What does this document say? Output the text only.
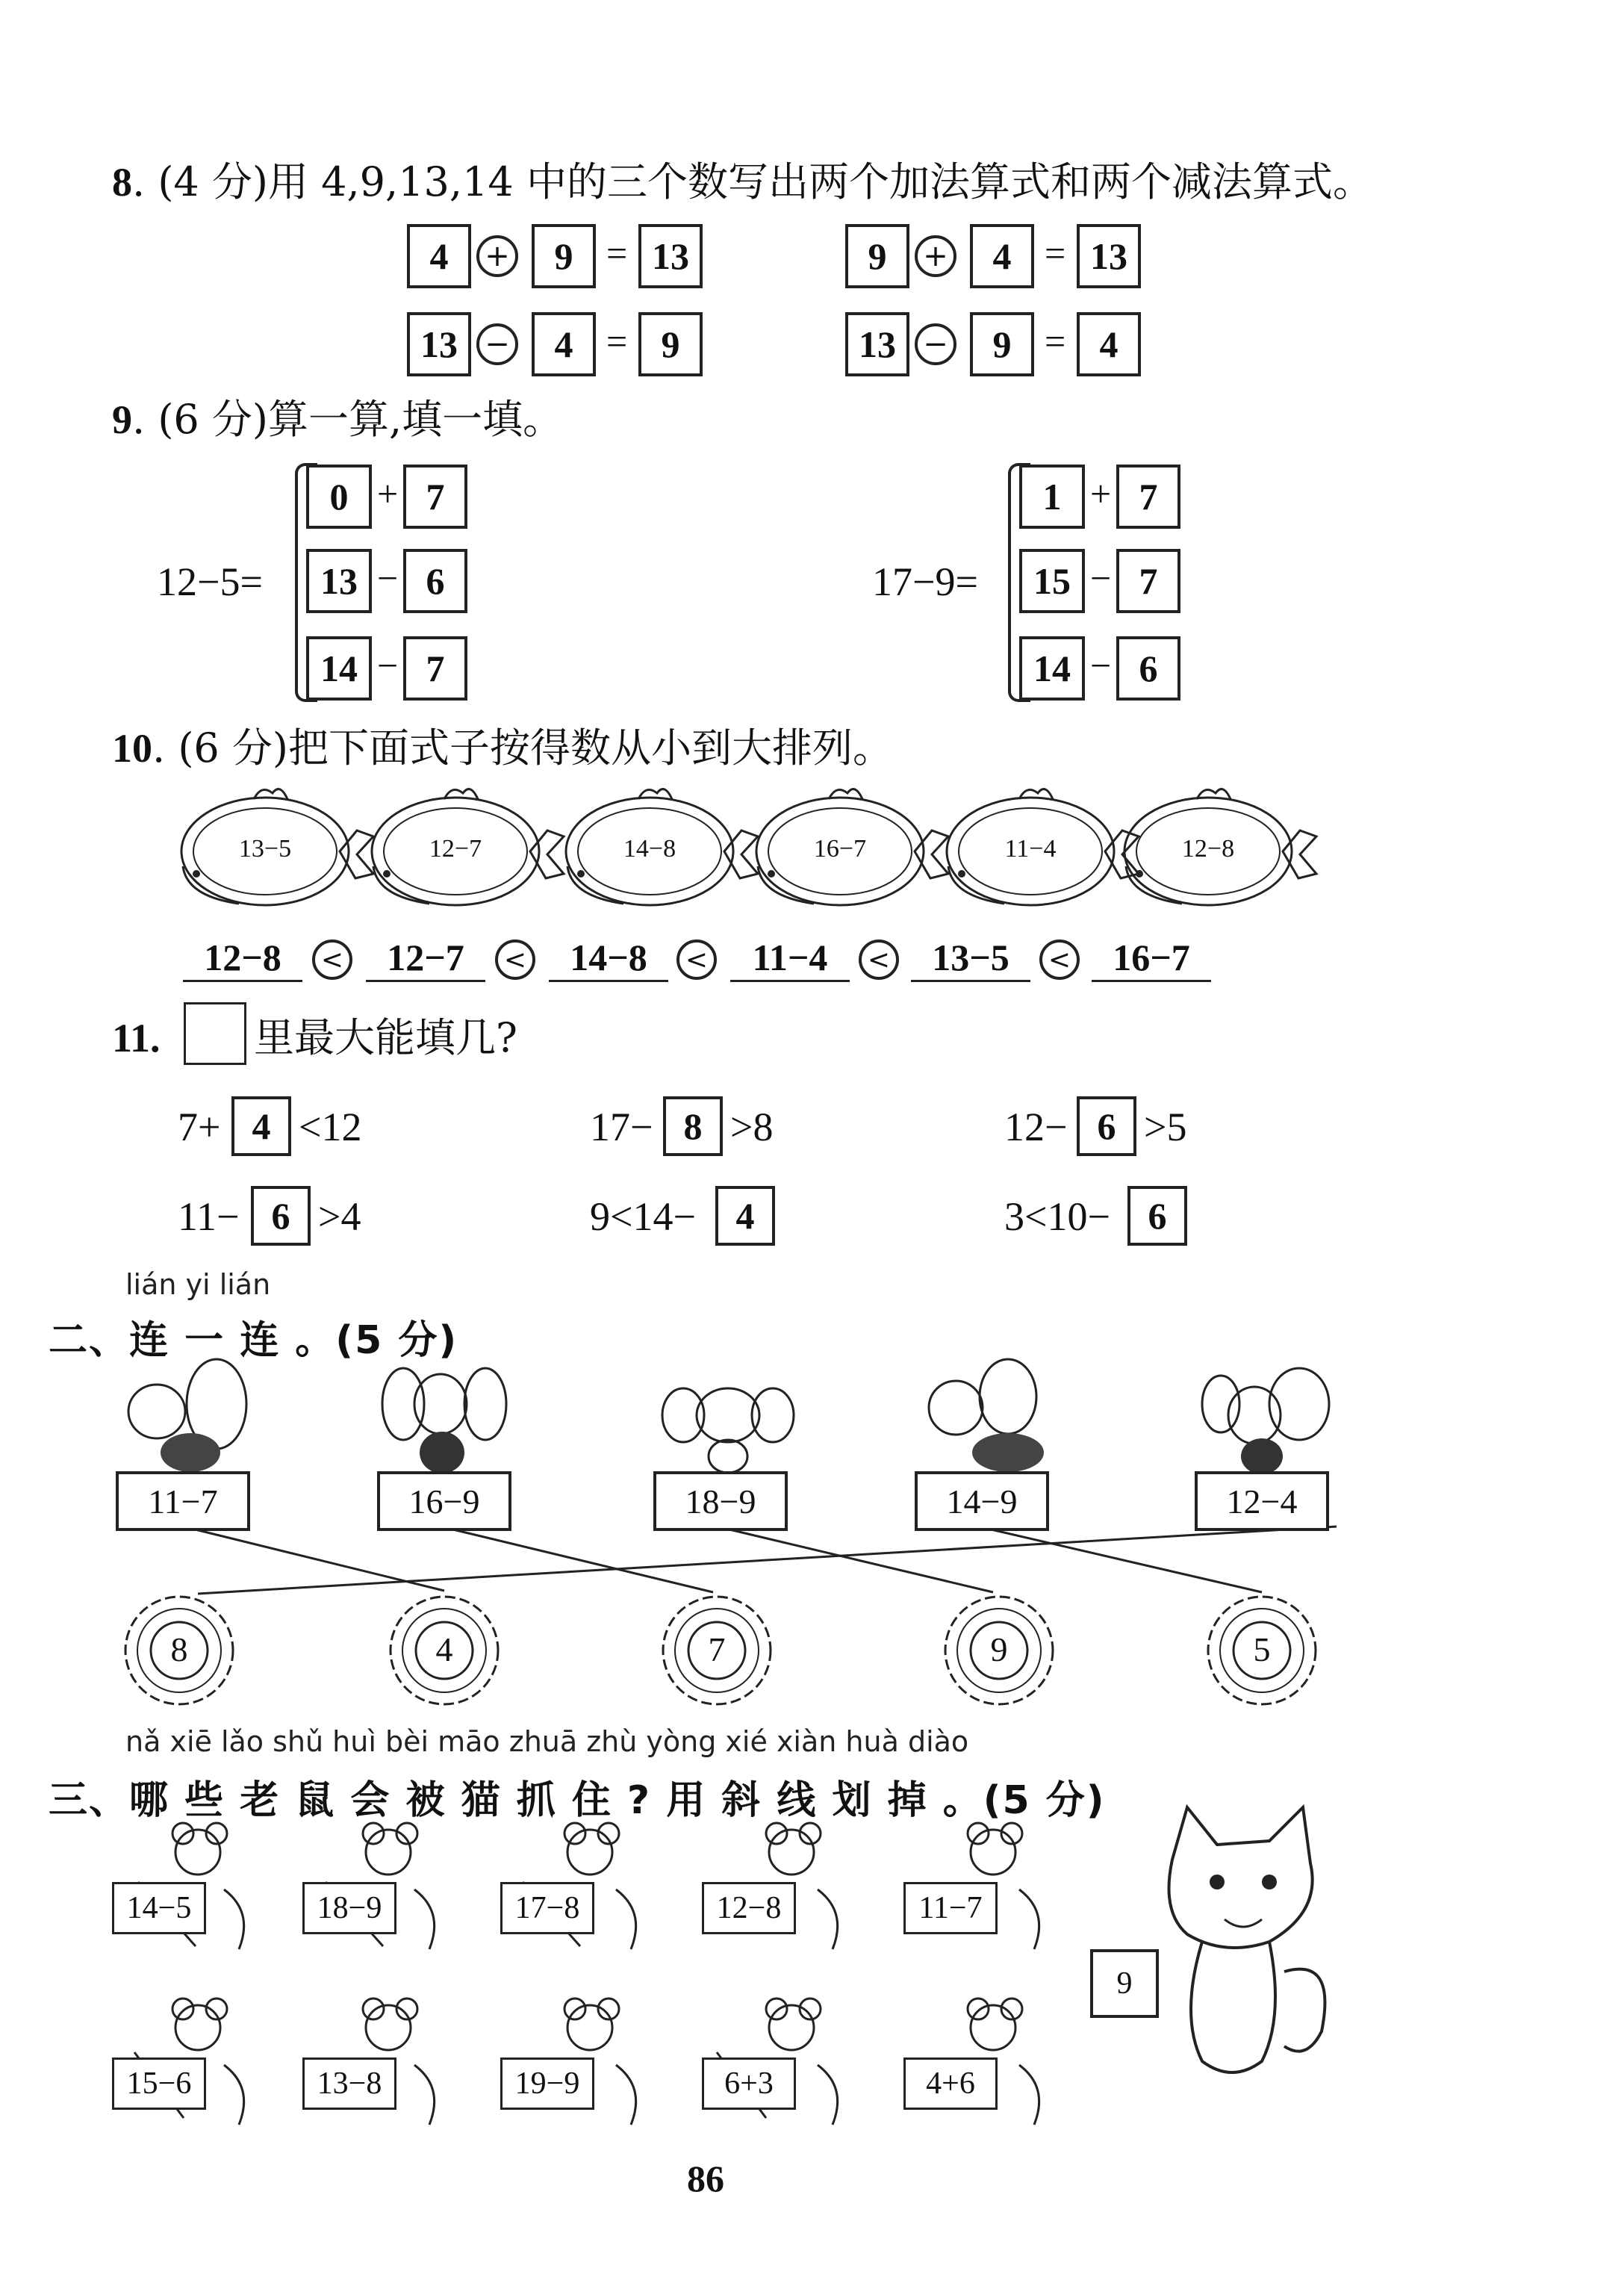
8. (4 分)用 4,9,13,14 中的三个数写出两个加法算式和两个减法算式。
4	+	9 = 13	9	+	4 = 13
13 −	4 = 9	13 −	9 = 4
9. (6 分)算一算,填一填。
12−5=
0 + 7
13 − 6
14 − 7
17−9=
1 + 7
15 − 7
14 − 6
10. (6 分)把下面式子按得数从小到大排列。
13−5	12−7	14−8	16−7	11−4	12−8
12−8	<	12−7	<	14−8	<	11−4	<	13−5	<	16−7
11. 里最大能填几?
7+ 4 <12	17− 8 >8	12− 6 >5
11− 6 >4	9<14−	4	3<10−	6
lián yi lián
二、连 一 连 。(5 分)
11−7	16−9	18−9	14−9	12−4
8	4	7	9	5
nǎ xiē lǎo shǔ huì bèi māo zhuā zhù yòng xié xiàn huà diào
三、哪 些 老 鼠 会 被 猫 抓 住 ? 用 斜 线 划 掉 。(5 分)
14−5	18−9	17−8	12−8	11−7
15−6	13−8	19−9	6+3	4+6
9
86
